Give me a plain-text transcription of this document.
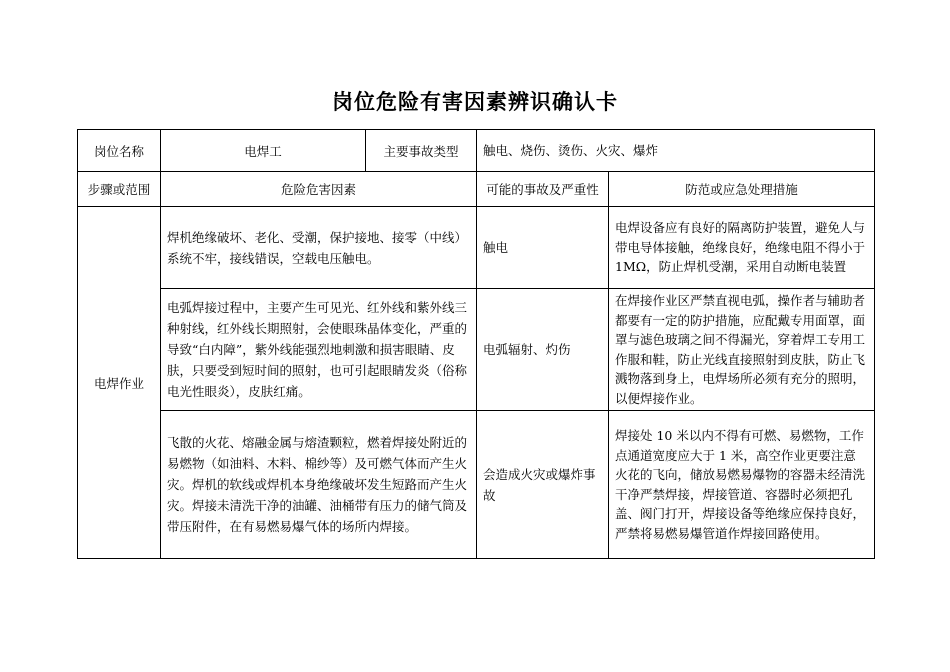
岗位危险有害因素辨识确认卡
岗位名称	电焊工	主要事故类型	触电、烧伤、烫伤、火灾、爆炸	
步骤或范围	危险危害因素		可能的事故及严重性	防范或应急处理措施
电焊作业	焊机绝缘破坏、老化、受潮，保护接地、接零（中线）系统不牢，接线错误，空载电压触电。		触电	电焊设备应有良好的隔离防护装置，避免人与带电导体接触，绝缘良好，绝缘电阻不得小于 1MΩ，防止焊机受潮，采用自动断电装置
	电弧焊接过程中，主要产生可见光、红外线和紫外线三种射线，红外线长期照射，会使眼珠晶体变化，严重的导致“白内障”，紫外线能强烈地刺激和损害眼睛、皮肤，只要受到短时间的照射，也可引起眼睛发炎（俗称电光性眼炎），皮肤红痛。		电弧辐射、灼伤	在焊接作业区严禁直视电弧，操作者与辅助者都要有一定的防护措施，应配戴专用面罩，面罩与滤色玻璃之间不得漏光，穿着焊工专用工作服和鞋，防止光线直接照射到皮肤，防止飞溅物落到身上，电焊场所必须有充分的照明，以便焊接作业。
	飞散的火花、熔融金属与熔渣颗粒，燃着焊接处附近的易燃物（如油料、木料、棉纱等）及可燃气体而产生火灾。焊机的软线或焊机本身绝缘破坏发生短路而产生火灾。焊接未清洗干净的油罐、油桶带有压力的储气筒及带压附件，在有易燃易爆气体的场所内焊接。		会造成火灾或爆炸事故	焊接处 10 米以内不得有可燃、易燃物，工作点通道宽度应大于 1 米，高空作业更要注意火花的飞向，储放易燃易爆物的容器未经清洗干净严禁焊接，焊接管道、容器时必须把孔盖、阀门打开，焊接设备等绝缘应保持良好，严禁将易燃易爆管道作焊接回路使用。
